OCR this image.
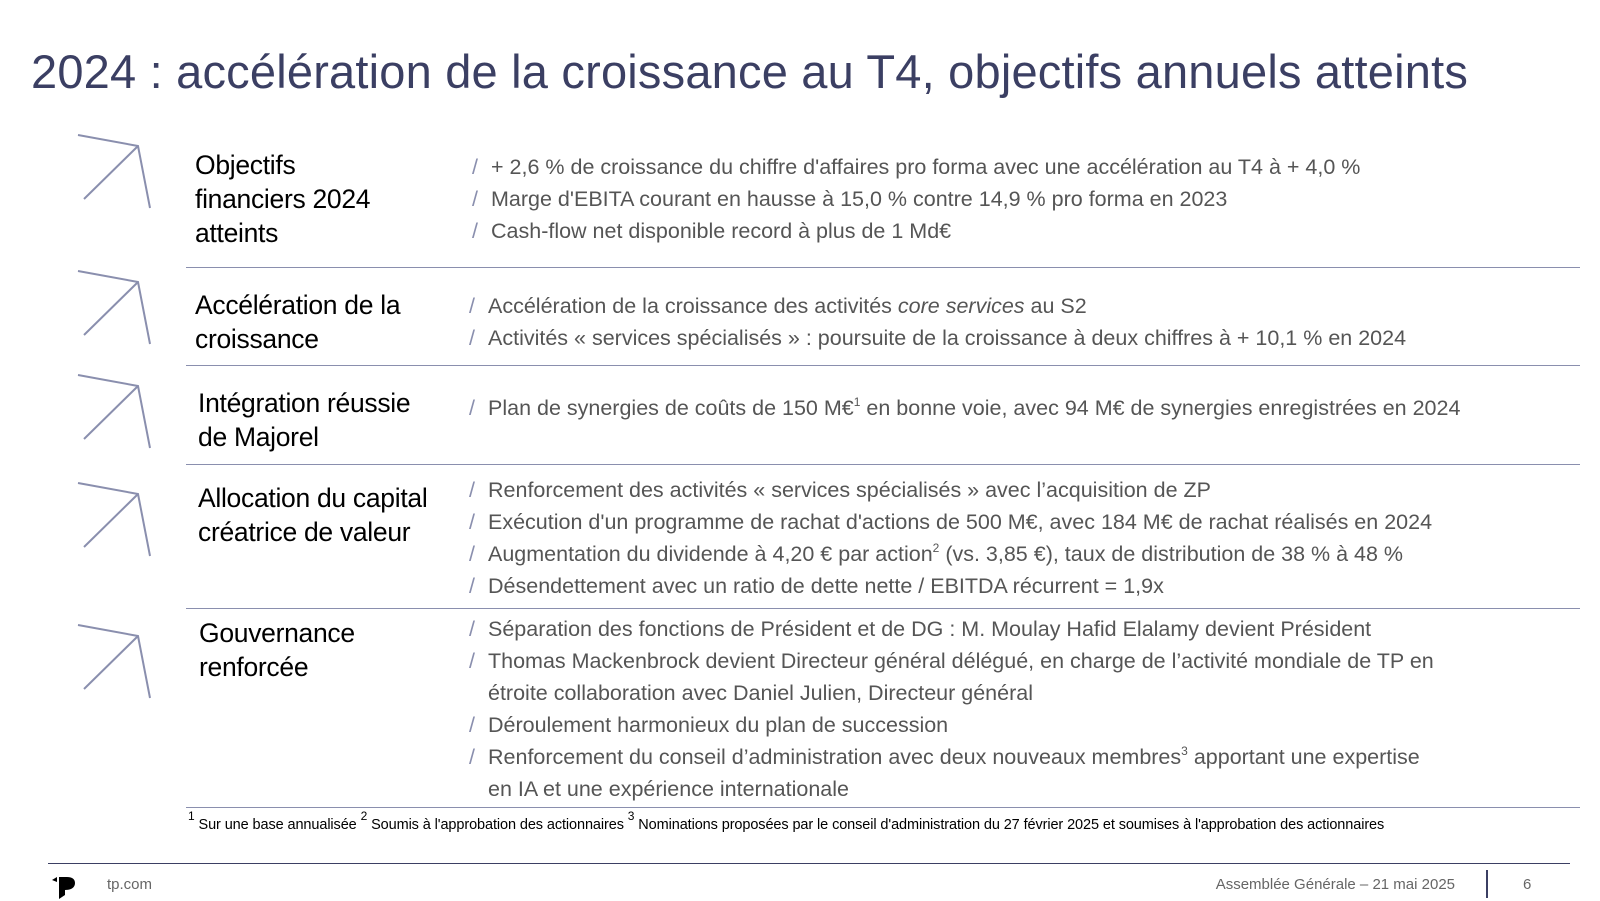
2024 : accélération de la croissance au T4, objectifs annuels atteints
Objectifs
financiers 2024
atteints
/ + 2,6 % de croissance du chiffre d'affaires pro forma avec une accélération au T4 à + 4,0 %
/ Marge d'EBITA courant en hausse à 15,0 % contre 14,9 % pro forma en 2023
/ Cash-flow net disponible record à plus de 1 Md€
Accélération de la
croissance
/ Accélération de la croissance des activités core services au S2
/ Activités « services spécialisés » : poursuite de la croissance à deux chiffres à + 10,1 % en 2024
Intégration réussie
de Majorel
/ Plan de synergies de coûts de 150 M€$^1$ en bonne voie, avec 94 M€ de synergies enregistrées en 2024
Allocation du capital
créatrice de valeur
/ Renforcement des activités « services spécialisés » avec l’acquisition de ZP
/ Exécution d'un programme de rachat d'actions de 500 M€, avec 184 M€ de rachat réalisés en 2024
/ Augmentation du dividende à 4,20 € par action$^2$ (vs. 3,85 €), taux de distribution de 38 % à 48 %
/ Désendettement avec un ratio de dette nette / EBITDA récurrent = 1,9x
Gouvernance
renforcée
/ Séparation des fonctions de Président et de DG : M. Moulay Hafid Elalamy devient Président
/ Thomas Mackenbrock devient Directeur général délégué, en charge de l’activité mondiale de TP en
étroite collaboration avec Daniel Julien, Directeur général
/ Déroulement harmonieux du plan de succession
/ Renforcement du conseil d’administration avec deux nouveaux membres$^3$ apportant une expertise
en IA et une expérience internationale
$^1$ Sur une base annualisée $^2$ Soumis à l'approbation des actionnaires $^3$ Nominations proposées par le conseil d'administration du 27 février 2025 et soumises à l'approbation des actionnaires
tp.com	Assemblée Générale – 21 mai 2025	6
